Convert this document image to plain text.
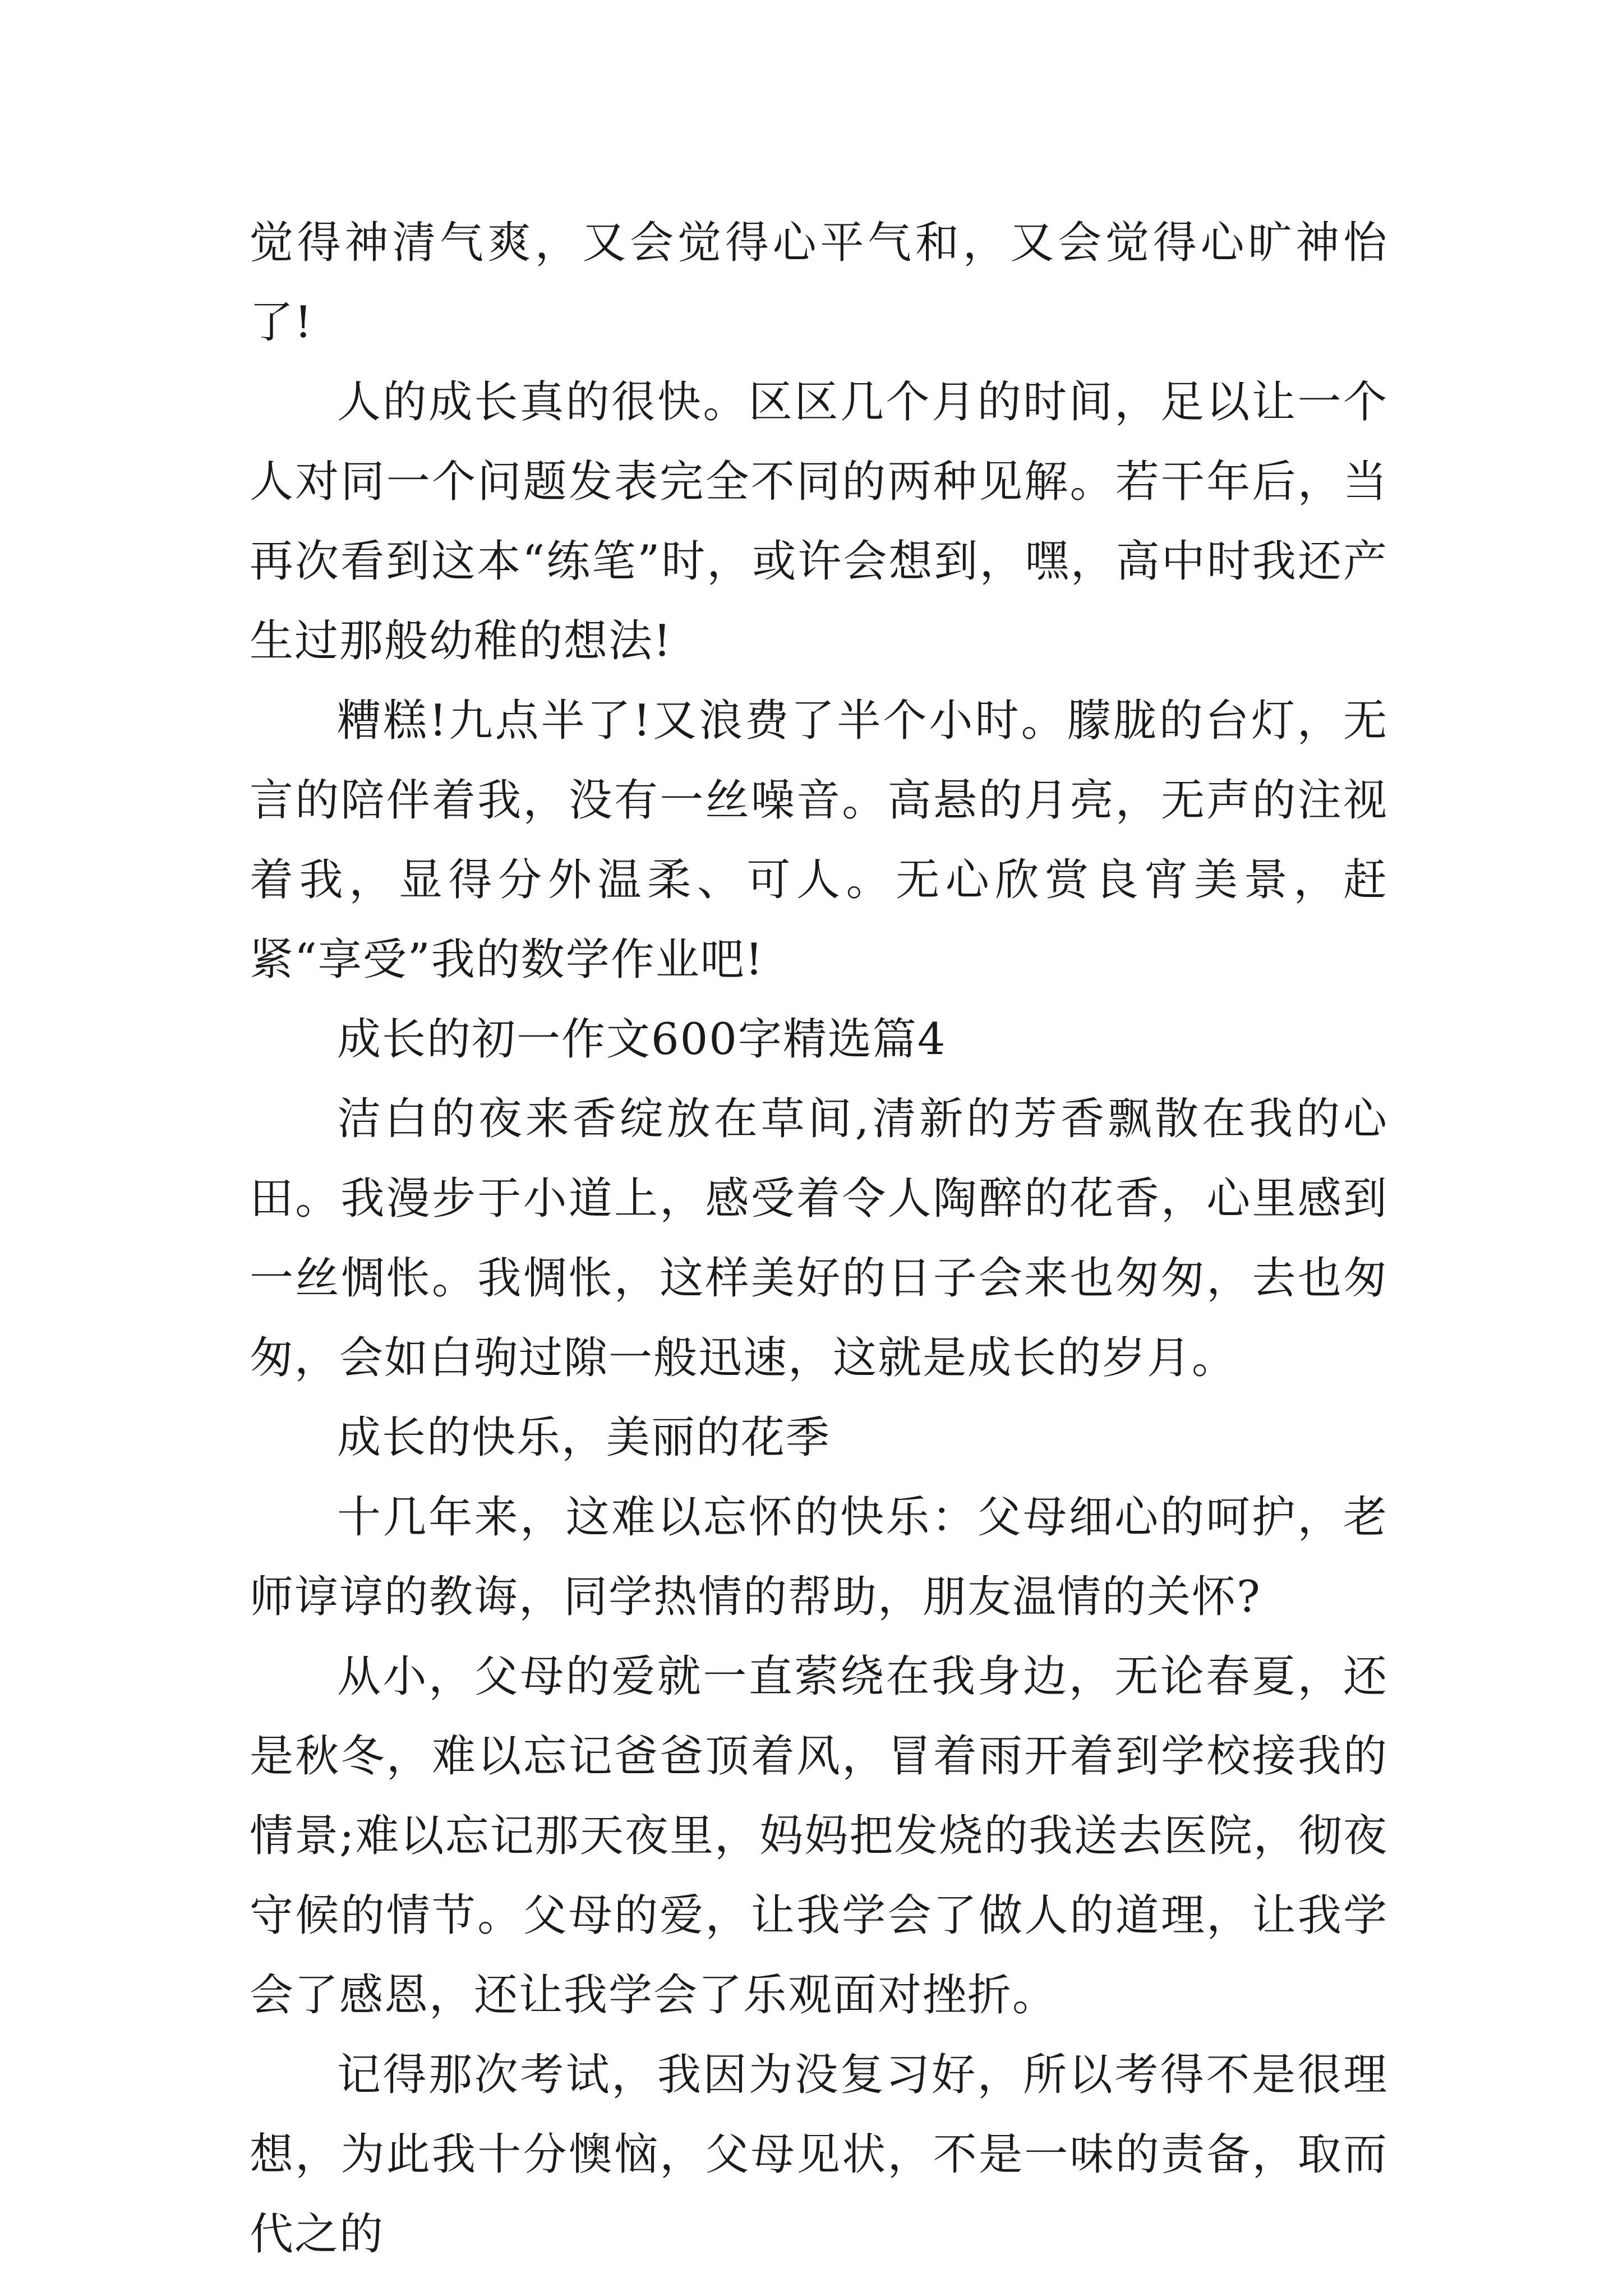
觉得神清气爽，又会觉得心平气和，又会觉得心旷神怡了!

人的成长真的很快。区区几个月的时间，足以让一个人对同一个问题发表完全不同的两种见解。若干年后，当再次看到这本“练笔”时，或许会想到，嘿，高中时我还产生过那般幼稚的想法!

糟糕!九点半了!又浪费了半个小时。朦胧的台灯，无言的陪伴着我，没有一丝噪音。高悬的月亮，无声的注视着我，显得分外温柔、可人。无心欣赏良宵美景，赶紧“享受”我的数学作业吧!

成长的初一作文600字精选篇4

洁白的夜来香绽放在草间,清新的芳香飘散在我的心田。我漫步于小道上，感受着令人陶醉的花香，心里感到一丝惆怅。我惆怅，这样美好的日子会来也匆匆，去也匆匆，会如白驹过隙一般迅速，这就是成长的岁月。

成长的快乐，美丽的花季

十几年来，这难以忘怀的快乐：父母细心的呵护，老师谆谆的教诲，同学热情的帮助，朋友温情的关怀?

从小，父母的爱就一直萦绕在我身边，无论春夏，还是秋冬，难以忘记爸爸顶着风，冒着雨开着到学校接我的情景;难以忘记那天夜里，妈妈把发烧的我送去医院，彻夜守候的情节。父母的爱，让我学会了做人的道理，让我学会了感恩，还让我学会了乐观面对挫折。

记得那次考试，我因为没复习好，所以考得不是很理想，为此我十分懊恼，父母见状，不是一味的责备，取而代之的
